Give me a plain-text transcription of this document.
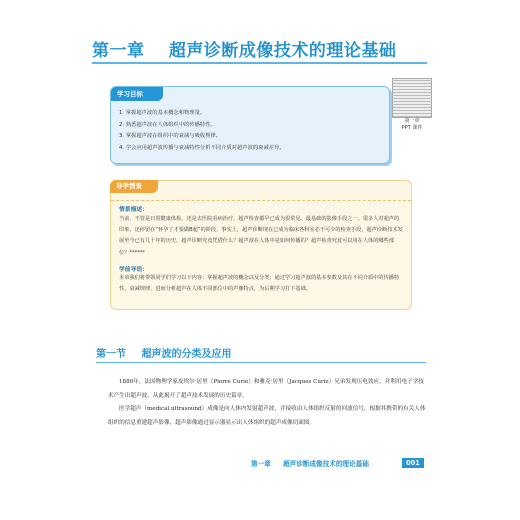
第一章 超声诊断成像技术的理论基础
第一章
PPT 课件
学习目标
1. 掌握超声波的基本概念和物理量。
2. 熟悉超声波在人体组织中的传播特性。
3. 掌握超声波在组织中的衰减与吸收规律。
4. 学会应用超声波传播与衰减特性分析不同介质对超声波的衰减差异。
导学情景
情景描述：
当前，不管是日常健康体检，还是去医院看病治疗，超声检查都早已成为很常见、最基础的影像手段之一。很多人对超声的印象，还停留在“怀孕了才要做B超”的阶段，事实上，超声诊断现在已成为临床各科室必不可少的检查手段，超声诊断技术发展至今已有几十年的历史，超声诊断究竟凭借什么？超声波在人体中是如何传播的？超声检查究竟可以用在人体的哪些部位？******
学前导语：
本章我们将带领同学们学习以下内容：掌握超声波的概念以及分类；通过学习超声波的基本参数及其在不同介质中的传播特性、衰减规律，进而分析超声在人体不同部位中的声像特点，为后期学习打下基础。
第一节 超声波的分类及应用

1880年，法国物理学家皮埃尔·居里（Pierre Curie）和雅克·居里（Jacques Curie）兄弟发现压电效应，并利用电子学技术产生出超声波，从此揭开了超声技术发展的历史篇章。

医学超声（medical ultrasound）成像是向人体内发射超声波，并接收由人体组织反射的回波信号，根据其携带的有关人体组织的信息重建超声影像，超声影像通过显示器显示出人体组织的超声成像切面图。

第一章 超声诊断成像技术的理论基础	001
